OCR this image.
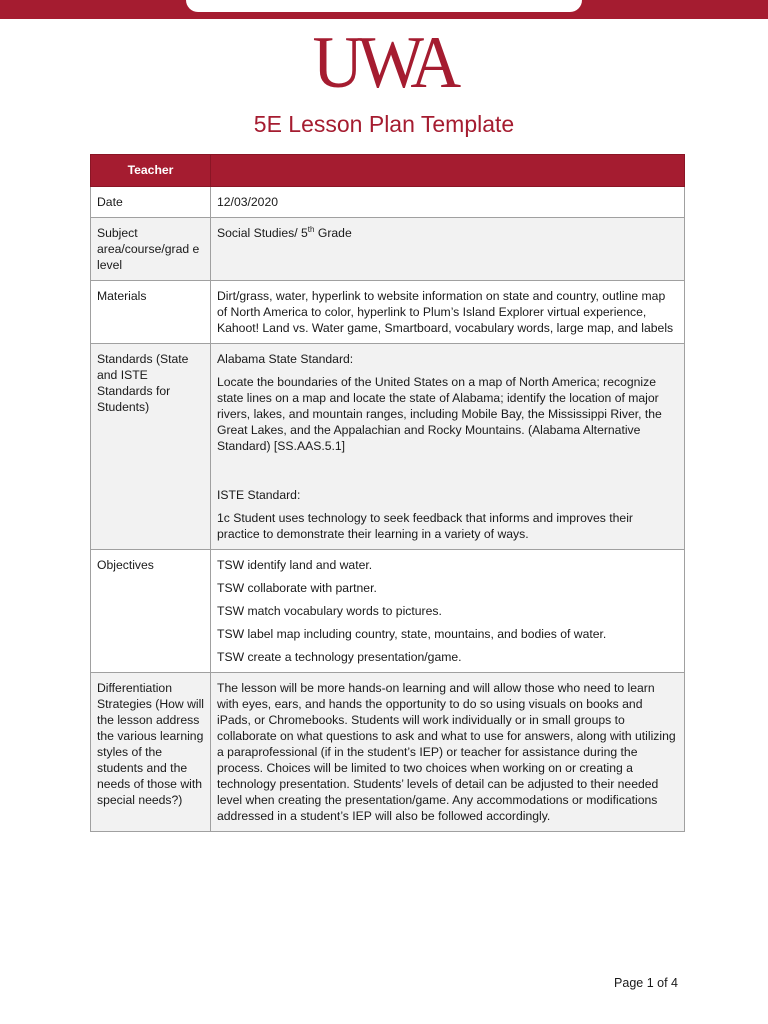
UWA
5E Lesson Plan Template
Teacher	
Date	12/03/2020
Subject area/course/grad e level	Social Studies/ 5th Grade
Materials	Dirt/grass, water, hyperlink to website information on state and country, outline map of North America to color, hyperlink to Plum’s Island Explorer virtual experience, Kahoot! Land vs. Water game, Smartboard, vocabulary words, large map, and labels
Standards (State and ISTE Standards for Students)	Alabama State Standard:
Locate the boundaries of the United States on a map of North America; recognize state lines on a map and locate the state of Alabama; identify the location of major rivers, lakes, and mountain ranges, including Mobile Bay, the Mississippi River, the Great Lakes, and the Appalachian and Rocky Mountains. (Alabama Alternative Standard) [SS.AAS.5.1]
ISTE Standard:
1c Student uses technology to seek feedback that informs and improves their practice to demonstrate their learning in a variety of ways.

Objectives	TSW identify land and water.
TSW collaborate with partner.
TSW match vocabulary words to pictures.
TSW label map including country, state, mountains, and bodies of water.
TSW create a technology presentation/game.

Differentiation Strategies (How will the lesson address the various learning styles of the students and the needs of those with special needs?)	The lesson will be more hands-on learning and will allow those who need to learn with eyes, ears, and hands the opportunity to do so using visuals on books and iPads, or Chromebooks. Students will work individually or in small groups to collaborate on what questions to ask and what to use for answers, along with utilizing a paraprofessional (if in the student’s IEP) or teacher for assistance during the process. Choices will be limited to two choices when working on or creating a technology presentation. Students’ levels of detail can be adjusted to their needed level when creating the presentation/game. Any accommodations or modifications addressed in a student’s IEP will also be followed accordingly.
Page 1 of 4
